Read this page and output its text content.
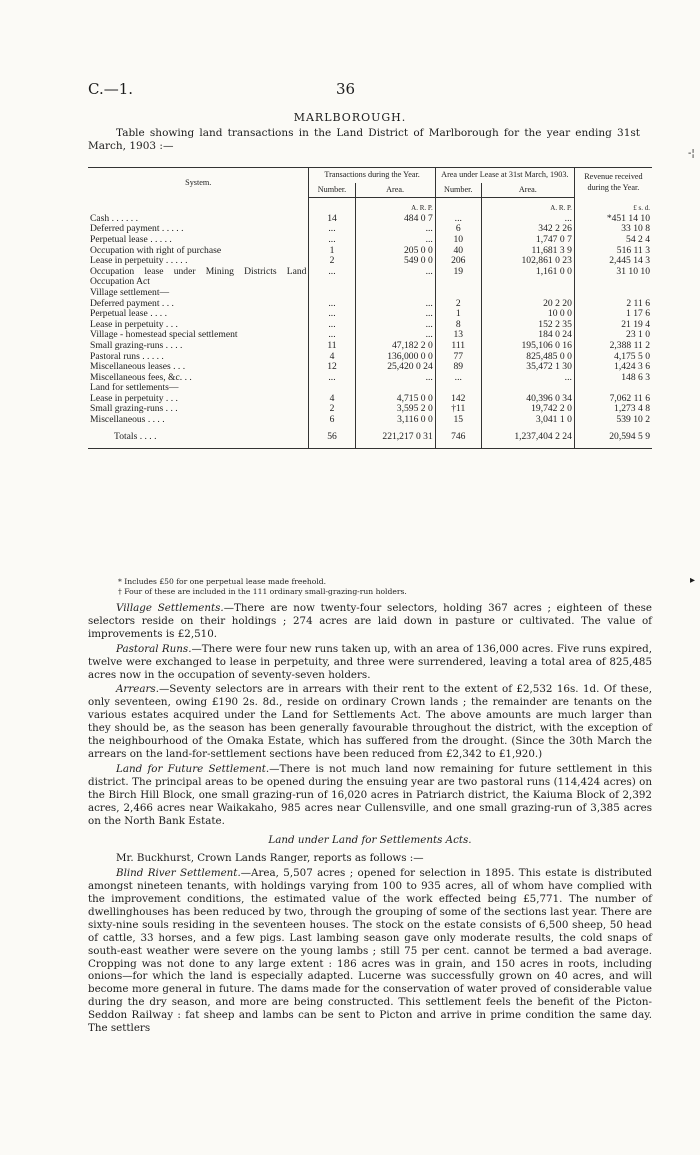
C.—1.	36
MARLBOROUGH.
Table showing land transactions in the Land District of Marlborough for the year ending 31st March, 1903 :—
System.	Transactions during the Year.		Area under Lease at 31st March, 1903.		Revenue received during the Year.
	Number.	Area.	Number.	Area.	
		A. R. P.		A. R. P.	£ s. d.
Cash . . . . . .	14	484 0 7	...	...	*451 14 10
Deferred payment . . . . .	...	...	6	342 2 26	33 10 8
Perpetual lease . . . . .	...	...	10	1,747 0 7	54 2 4
Occupation with right of purchase	1	205 0 0	40	11,681 3 9	516 11 3
Lease in perpetuity . . . . .	2	549 0 0	206	102,861 0 23	2,445 14 3
Occupation lease under Mining Districts Land Occupation Act	...	...	19	1,161 0 0	31 10 10
Village settlement—					
Deferred payment . . .	...	...	2	20 2 20	2 11 6
Perpetual lease . . . .	...	...	1	10 0 0	1 17 6
Lease in perpetuity . . .	...	...	8	152 2 35	21 19 4
Village - homestead special settlement	...	...	13	184 0 24	23 1 0
Small grazing-runs . . . .	11	47,182 2 0	111	195,106 0 16	2,388 11 2
Pastoral runs . . . . .	4	136,000 0 0	77	825,485 0 0	4,175 5 0
Miscellaneous leases . . .	12	25,420 0 24	89	35,472 1 30	1,424 3 6
Miscellaneous fees, &c. . .	...	...	...	...	148 6 3
Land for settlements—					
Lease in perpetuity . . .	4	4,715 0 0	142	40,396 0 34	7,062 11 6
Small grazing-runs . . .	2	3,595 2 0	†11	19,742 2 0	1,273 4 8
Miscellaneous . . . .	6	3,116 0 0	15	3,041 1 0	539 10 2
Totals . . . .	56	221,217 0 31	746	1,237,404 2 24	20,594 5 9

* Includes £50 for one perpetual lease made freehold.
† Four of these are included in the 111 ordinary small-grazing-run holders.

Village Settlements.—There are now twenty-four selectors, holding 367 acres ; eighteen of these selectors reside on their holdings ; 274 acres are laid down in pasture or cultivated. The value of improvements is £2,510.

Pastoral Runs.—There were four new runs taken up, with an area of 136,000 acres. Five runs expired, twelve were exchanged to lease in perpetuity, and three were surrendered, leaving a total area of 825,485 acres now in the occupation of seventy-seven holders.

Arrears.—Seventy selectors are in arrears with their rent to the extent of £2,532 16s. 1d. Of these, only seventeen, owing £190 2s. 8d., reside on ordinary Crown lands ; the remainder are tenants on the various estates acquired under the Land for Settlements Act. The above amounts are much larger than they should be, as the season has been generally favourable throughout the district, with the exception of the neighbourhood of the Omaka Estate, which has suffered from the drought. (Since the 30th March the arrears on the land-for-settlement sections have been reduced from £2,342 to £1,920.)

Land for Future Settlement.—There is not much land now remaining for future settlement in this district. The principal areas to be opened during the ensuing year are two pastoral runs (114,424 acres) on the Birch Hill Block, one small grazing-run of 16,020 acres in Patriarch district, the Kaiuma Block of 2,392 acres, 2,466 acres near Waikakaho, 985 acres near Cullensville, and one small grazing-run of 3,385 acres on the North Bank Estate.

Land under Land for Settlements Acts.

Mr. Buckhurst, Crown Lands Ranger, reports as follows :—

Blind River Settlement.—Area, 5,507 acres ; opened for selection in 1895. This estate is distributed amongst nineteen tenants, with holdings varying from 100 to 935 acres, all of whom have complied with the improvement conditions, the estimated value of the work effected being £5,771. The number of dwellinghouses has been reduced by two, through the grouping of some of the sections last year. There are sixty-nine souls residing in the seventeen houses. The stock on the estate consists of 6,500 sheep, 50 head of cattle, 33 horses, and a few pigs. Last lambing season gave only moderate results, the cold snaps of south-east weather were severe on the young lambs ; still 75 per cent. cannot be termed a bad average. Cropping was not done to any large extent : 186 acres was in grain, and 150 acres in roots, including onions—for which the land is especially adapted. Lucerne was successfully grown on 40 acres, and will become more general in future. The dams made for the conservation of water proved of considerable value during the dry season, and more are being constructed. This settlement feels the benefit of the Picton-Seddon Railway : fat sheep and lambs can be sent to Picton and arrive in prime condition the same day. The settlers

-¦
▸
